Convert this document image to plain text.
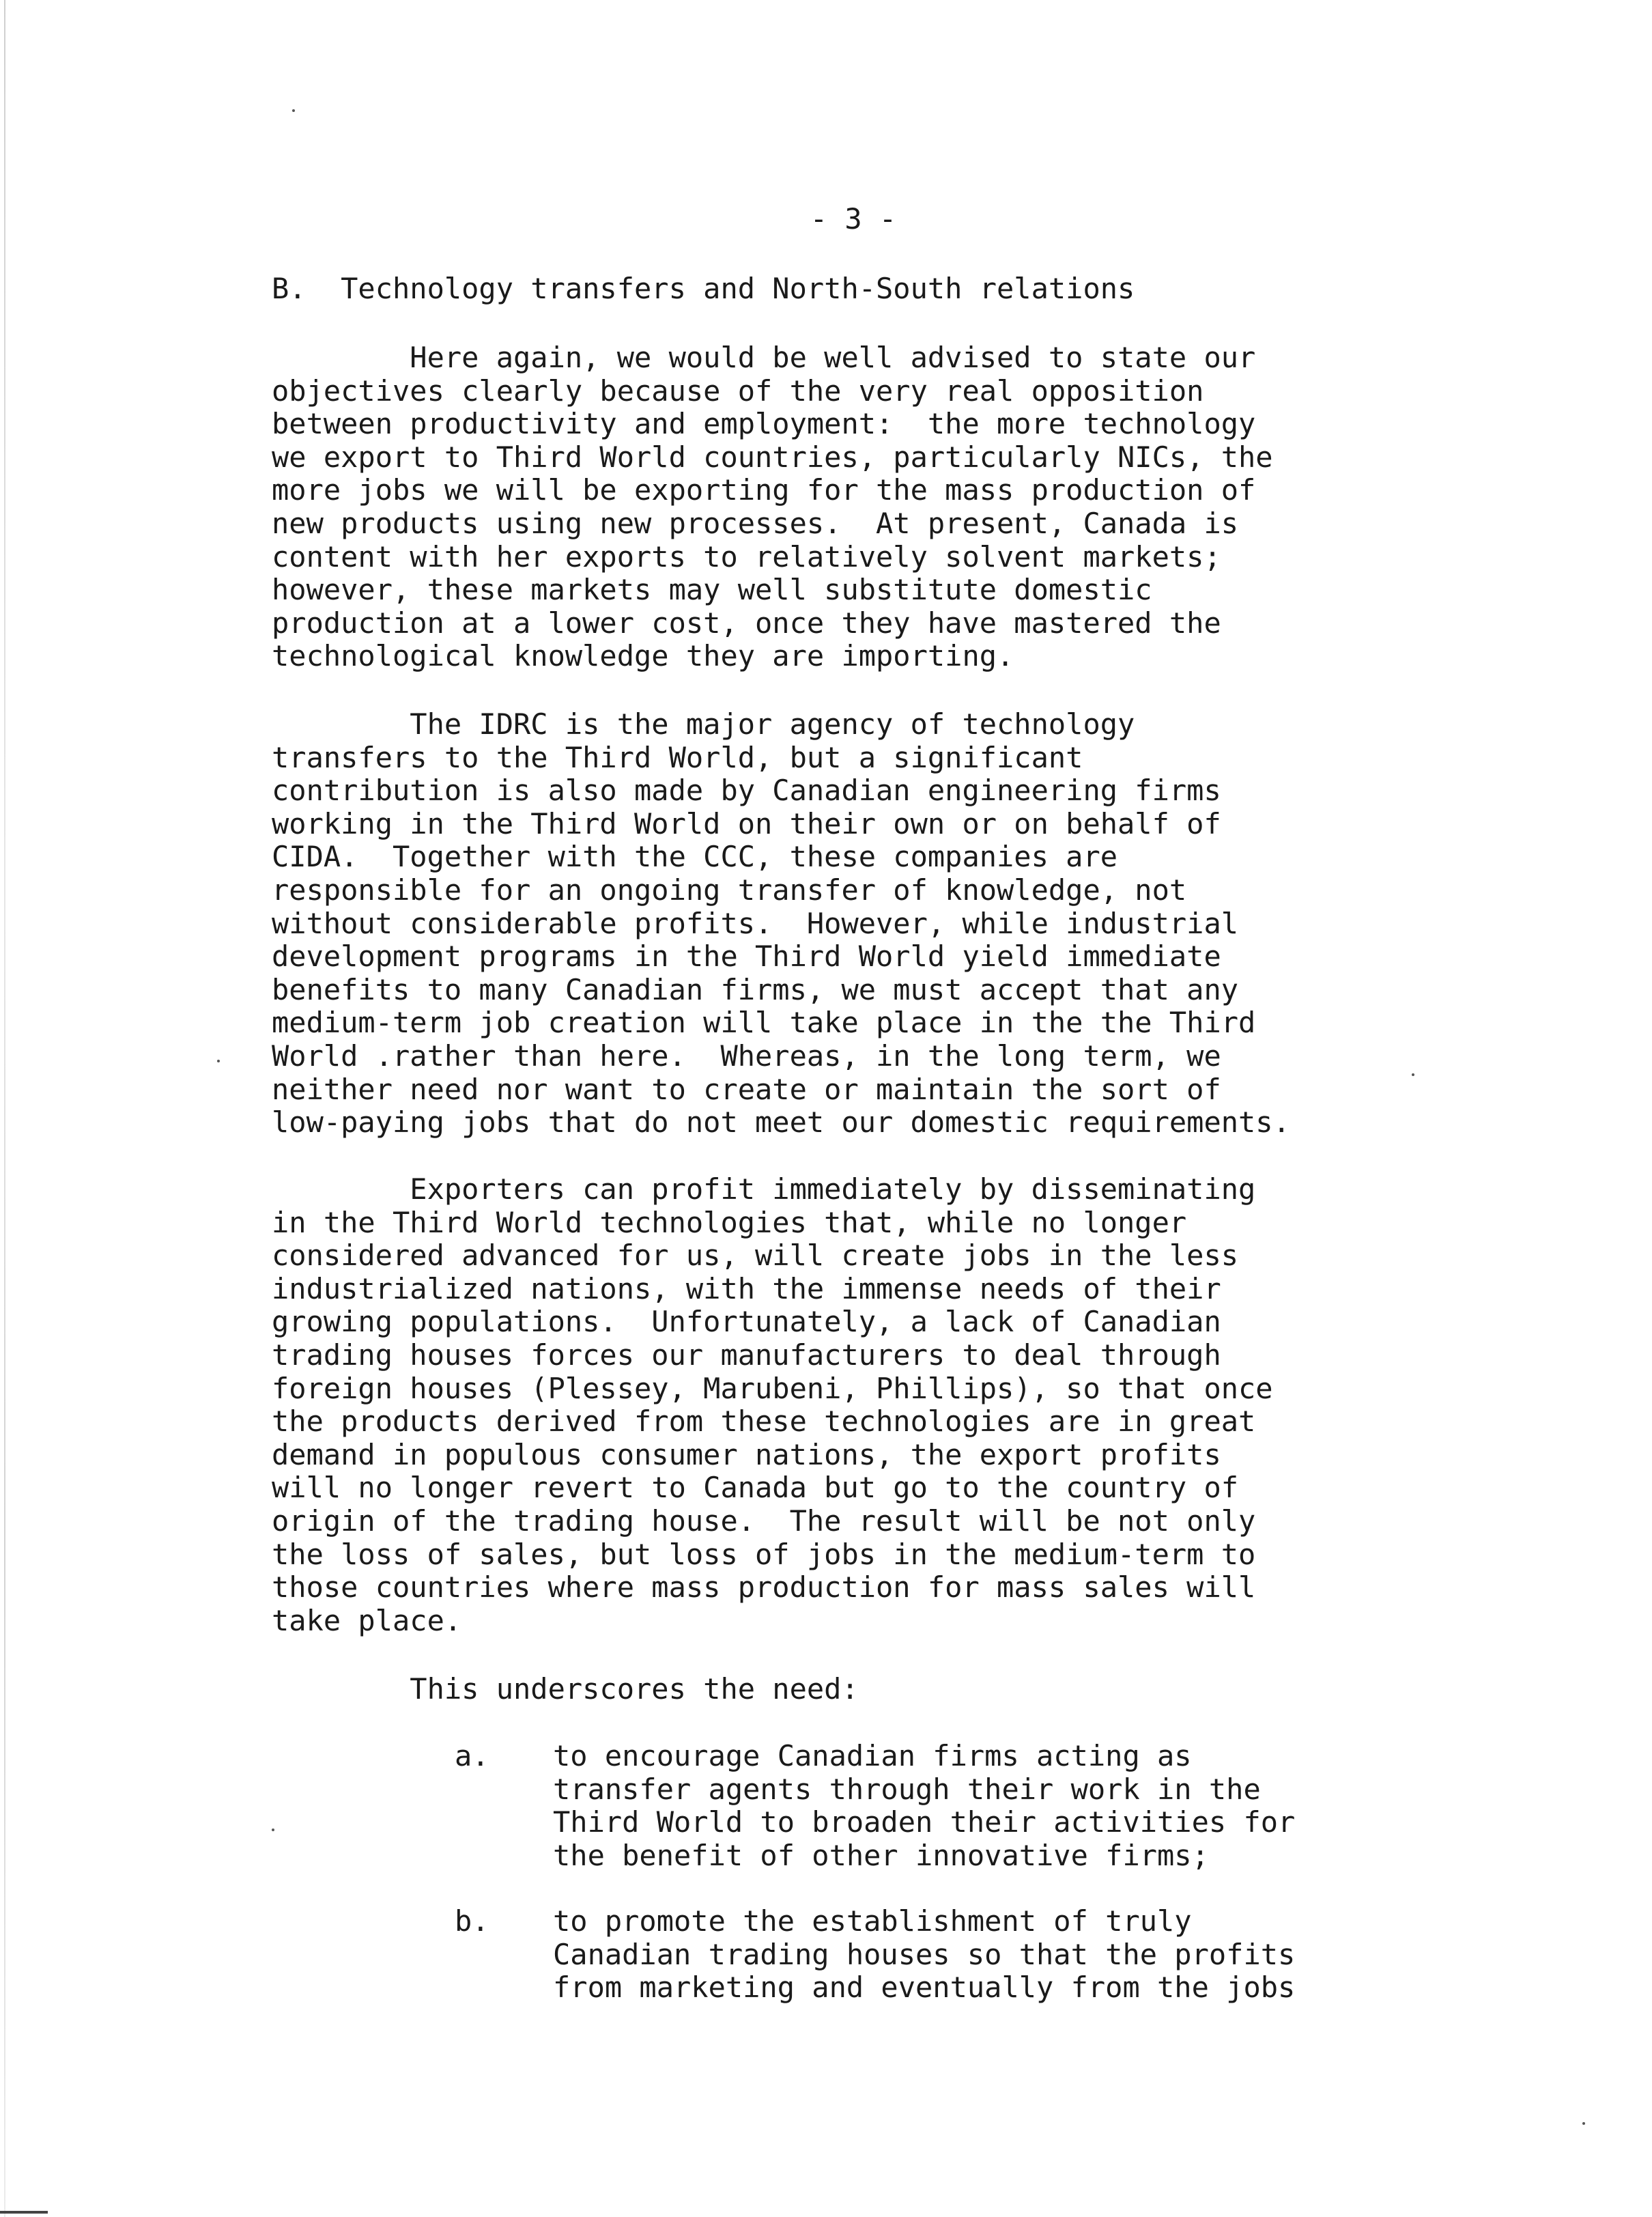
- 3 -
B.  Technology transfers and North-South relations
Here again, we would be well advised to state our
objectives clearly because of the very real opposition
between productivity and employment:  the more technology
we export to Third World countries, particularly NICs, the
more jobs we will be exporting for the mass production of
new products using new processes.  At present, Canada is
content with her exports to relatively solvent markets;
however, these markets may well substitute domestic
production at a lower cost, once they have mastered the
technological knowledge they are importing.
The IDRC is the major agency of technology
transfers to the Third World, but a significant
contribution is also made by Canadian engineering firms
working in the Third World on their own or on behalf of
CIDA.  Together with the CCC, these companies are
responsible for an ongoing transfer of knowledge, not
without considerable profits.  However, while industrial
development programs in the Third World yield immediate
benefits to many Canadian firms, we must accept that any
medium-term job creation will take place in the the Third
World .rather than here.  Whereas, in the long term, we
neither need nor want to create or maintain the sort of
low-paying jobs that do not meet our domestic requirements.
Exporters can profit immediately by disseminating
in the Third World technologies that, while no longer
considered advanced for us, will create jobs in the less
industrialized nations, with the immense needs of their
growing populations.  Unfortunately, a lack of Canadian
trading houses forces our manufacturers to deal through
foreign houses (Plessey, Marubeni, Phillips), so that once
the products derived from these technologies are in great
demand in populous consumer nations, the export profits
will no longer revert to Canada but go to the country of
origin of the trading house.  The result will be not only
the loss of sales, but loss of jobs in the medium-term to
those countries where mass production for mass sales will
take place.
This underscores the need:
a. to encourage Canadian firms acting as
transfer agents through their work in the
Third World to broaden their activities for
the benefit of other innovative firms;
b. to promote the establishment of truly
Canadian trading houses so that the profits
from marketing and eventually from the jobs
